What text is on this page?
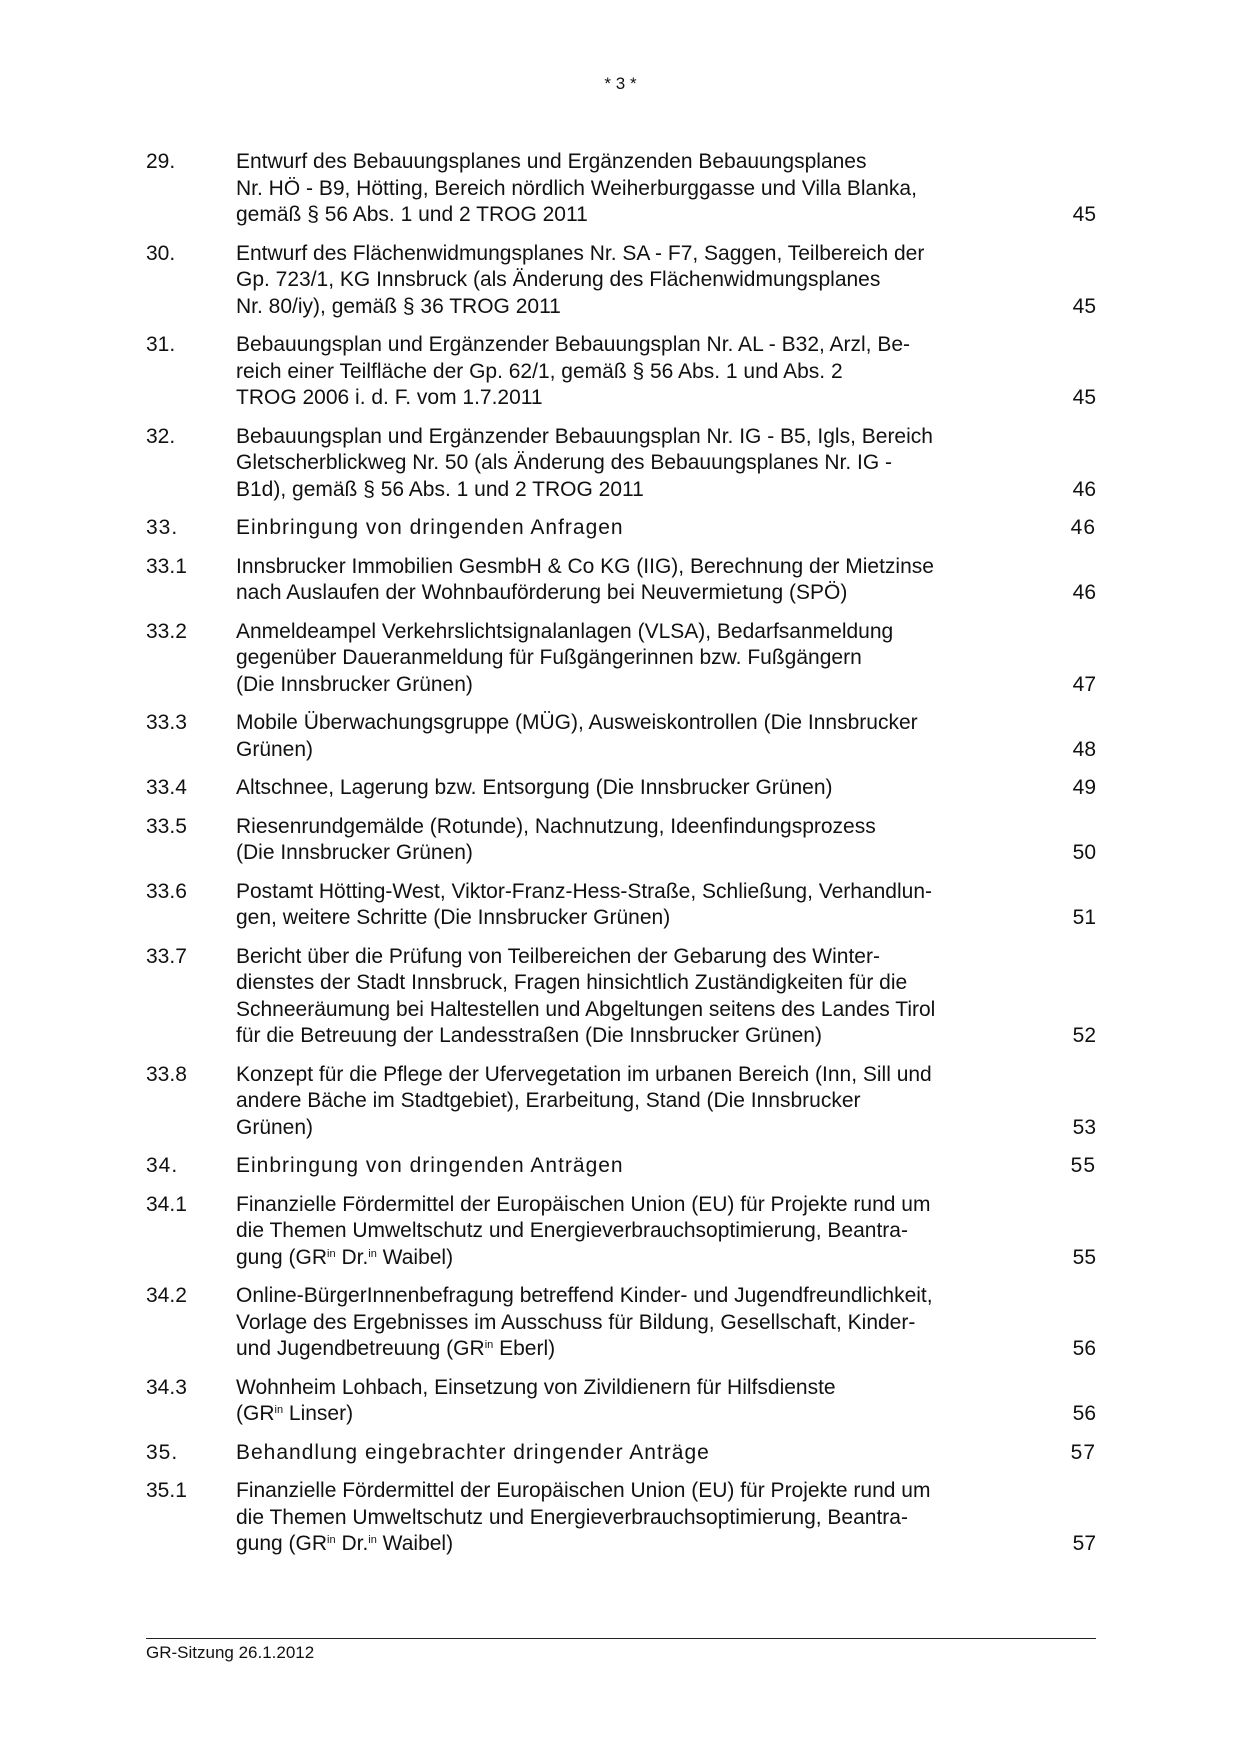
* 3 *
29.	Entwurf des Bebauungsplanes und Ergänzenden Bebauungsplanes
Nr. HÖ - B9, Hötting, Bereich nördlich Weiherburggasse und Villa Blanka,
gemäß § 56 Abs. 1 und 2 TROG 2011	45
30.	Entwurf des Flächenwidmungsplanes Nr. SA - F7, Saggen, Teilbereich der
Gp. 723/1, KG Innsbruck (als Änderung des Flächenwidmungsplanes
Nr. 80/iy), gemäß § 36 TROG 2011	45
31.	Bebauungsplan und Ergänzender Bebauungsplan Nr. AL - B32, Arzl, Be-
reich einer Teilfläche der Gp. 62/1, gemäß § 56 Abs. 1 und Abs. 2
TROG 2006 i. d. F. vom 1.7.2011	45
32.	Bebauungsplan und Ergänzender Bebauungsplan Nr. IG - B5, Igls, Bereich
Gletscherblickweg Nr. 50 (als Änderung des Bebauungsplanes Nr. IG -
B1d), gemäß § 56 Abs. 1 und 2 TROG 2011	46
33.	Einbringung von dringenden Anfragen	46
33.1 Innsbrucker Immobilien GesmbH & Co KG (IIG), Berechnung der Mietzinse
nach Auslaufen der Wohnbauförderung bei Neuvermietung (SPÖ)	46
33.2 Anmeldeampel Verkehrslichtsignalanlagen (VLSA), Bedarfsanmeldung
gegenüber Daueranmeldung für Fußgängerinnen bzw. Fußgängern
(Die Innsbrucker Grünen)	47
33.3 Mobile Überwachungsgruppe (MÜG), Ausweiskontrollen (Die Innsbrucker
Grünen)	48
33.4 Altschnee, Lagerung bzw. Entsorgung (Die Innsbrucker Grünen)	49
33.5 Riesenrundgemälde (Rotunde), Nachnutzung, Ideenfindungsprozess
(Die Innsbrucker Grünen)	50
33.6 Postamt Hötting-West, Viktor-Franz-Hess-Straße, Schließung, Verhandlun-
gen, weitere Schritte (Die Innsbrucker Grünen)	51
33.7 Bericht über die Prüfung von Teilbereichen der Gebarung des Winter-
dienstes der Stadt Innsbruck, Fragen hinsichtlich Zuständigkeiten für die
Schneeräumung bei Haltestellen und Abgeltungen seitens des Landes Tirol
für die Betreuung der Landesstraßen (Die Innsbrucker Grünen)	52
33.8 Konzept für die Pflege der Ufervegetation im urbanen Bereich (Inn, Sill und
andere Bäche im Stadtgebiet), Erarbeitung, Stand (Die Innsbrucker
Grünen)	53
34.	Einbringung von dringenden Anträgen	55
34.1 Finanzielle Fördermittel der Europäischen Union (EU) für Projekte rund um
die Themen Umweltschutz und Energieverbrauchsoptimierung, Beantra-
gung ($GR^{in}$ Dr.$^{in}$ Waibel)	55
34.2 Online-BürgerInnenbefragung betreffend Kinder- und Jugendfreundlichkeit,
Vorlage des Ergebnisses im Ausschuss für Bildung, Gesellschaft, Kinder-
und Jugendbetreuung ($GR^{in}$ Eberl)	56
34.3 Wohnheim Lohbach, Einsetzung von Zivildienern für Hilfsdienste
($GR^{in}$ Linser)	56
35.	Behandlung eingebrachter dringender Anträge	57
35.1 Finanzielle Fördermittel der Europäischen Union (EU) für Projekte rund um
die Themen Umweltschutz und Energieverbrauchsoptimierung, Beantra-
gung ($GR^{in}$ Dr.$^{in}$ Waibel)	57
GR-Sitzung 26.1.2012
